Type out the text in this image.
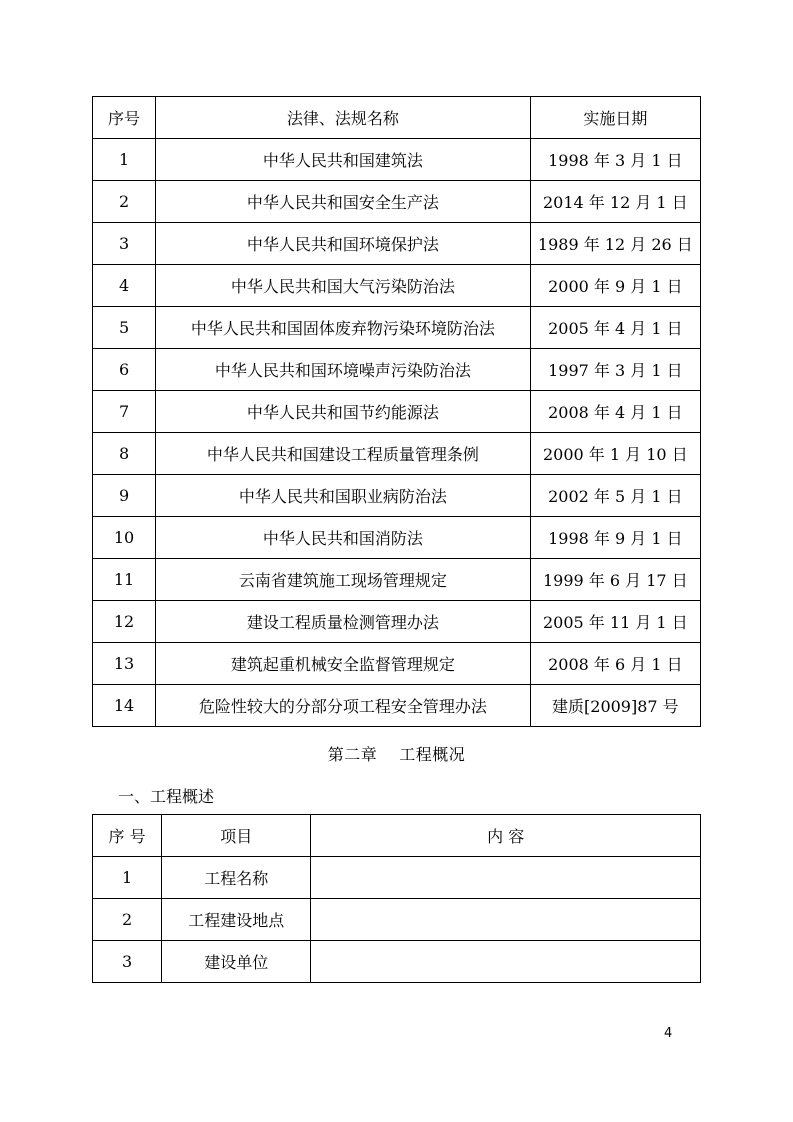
序号	法律、法规名称	实施日期
1	中华人民共和国建筑法	1998 年 3 月 1 日
2	中华人民共和国安全生产法	2014 年 12 月 1 日
3	中华人民共和国环境保护法	1989 年 12 月 26 日
4	中华人民共和国大气污染防治法	2000 年 9 月 1 日
5	中华人民共和国固体废弃物污染环境防治法	2005 年 4 月 1 日
6	中华人民共和国环境噪声污染防治法	1997 年 3 月 1 日
7	中华人民共和国节约能源法	2008 年 4 月 1 日
8	中华人民共和国建设工程质量管理条例	2000 年 1 月 10 日
9	中华人民共和国职业病防治法	2002 年 5 月 1 日
10	中华人民共和国消防法	1998 年 9 月 1 日
11	云南省建筑施工现场管理规定	1999 年 6 月 17 日
12	建设工程质量检测管理办法	2005 年 11 月 1 日
13	建筑起重机械安全监督管理规定	2008 年 6 月 1 日
14	危险性较大的分部分项工程安全管理办法	建质[2009]87 号
第二章　 工程概况
一、工程概述
序 号	项目	内 容
1	工程名称	
2	工程建设地点	
3	建设单位	
4
